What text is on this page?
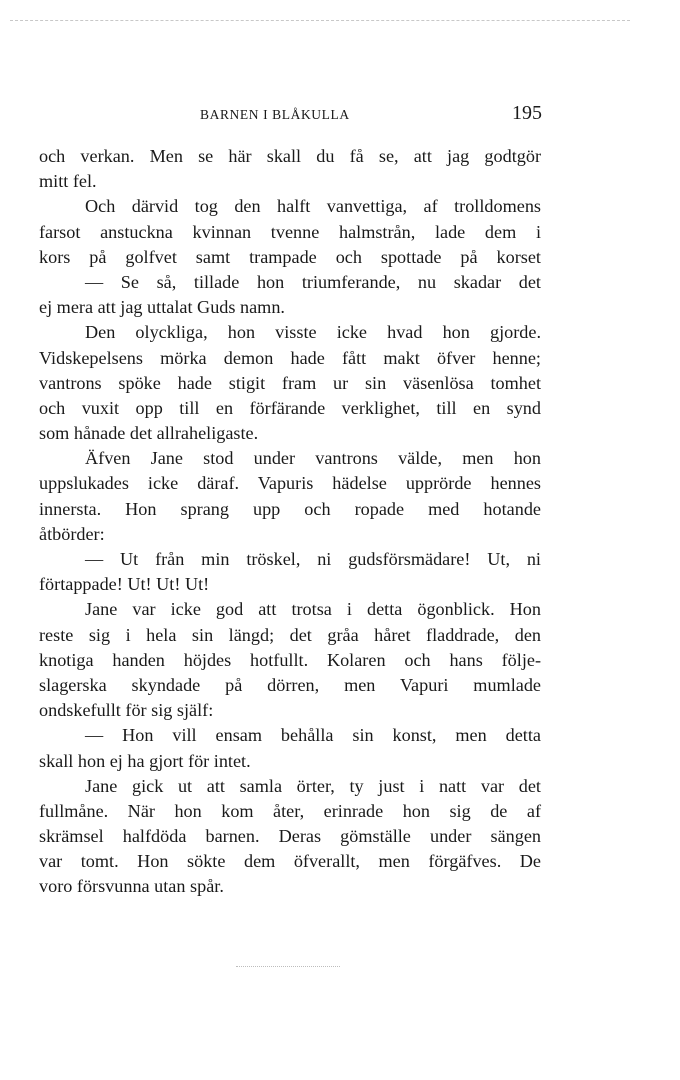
BARNEN I BLÅKULLA	195
och verkan. Men se här skall du få se, att jag godtgör
mitt fel.
Och därvid tog den halft vanvettiga, af trolldomens
farsot anstuckna kvinnan tvenne halmstrån, lade dem i
kors på golfvet samt trampade och spottade på korset
— Se så, tillade hon triumferande, nu skadar det
ej mera att jag uttalat Guds namn.
Den olyckliga, hon visste icke hvad hon gjorde.
Vidskepelsens mörka demon hade fått makt öfver henne;
vantrons spöke hade stigit fram ur sin väsenlösa tomhet
och vuxit opp till en förfärande verklighet, till en synd
som hånade det allraheligaste.
Äfven Jane stod under vantrons välde, men hon
uppslukades icke däraf. Vapuris hädelse upprörde hennes
innersta. Hon sprang upp och ropade med hotande
åtbörder:
— Ut från min tröskel, ni gudsförsmädare! Ut, ni
förtappade! Ut! Ut! Ut!
Jane var icke god att trotsa i detta ögonblick. Hon
reste sig i hela sin längd; det gråa håret fladdrade, den
knotiga handen höjdes hotfullt. Kolaren och hans följe-
slagerska skyndade på dörren, men Vapuri mumlade
ondskefullt för sig själf:
— Hon vill ensam behålla sin konst, men detta
skall hon ej ha gjort för intet.
Jane gick ut att samla örter, ty just i natt var det
fullmåne. När hon kom åter, erinrade hon sig de af
skrämsel halfdöda barnen. Deras gömställe under sängen
var tomt. Hon sökte dem öfverallt, men förgäfves. De
voro försvunna utan spår.
